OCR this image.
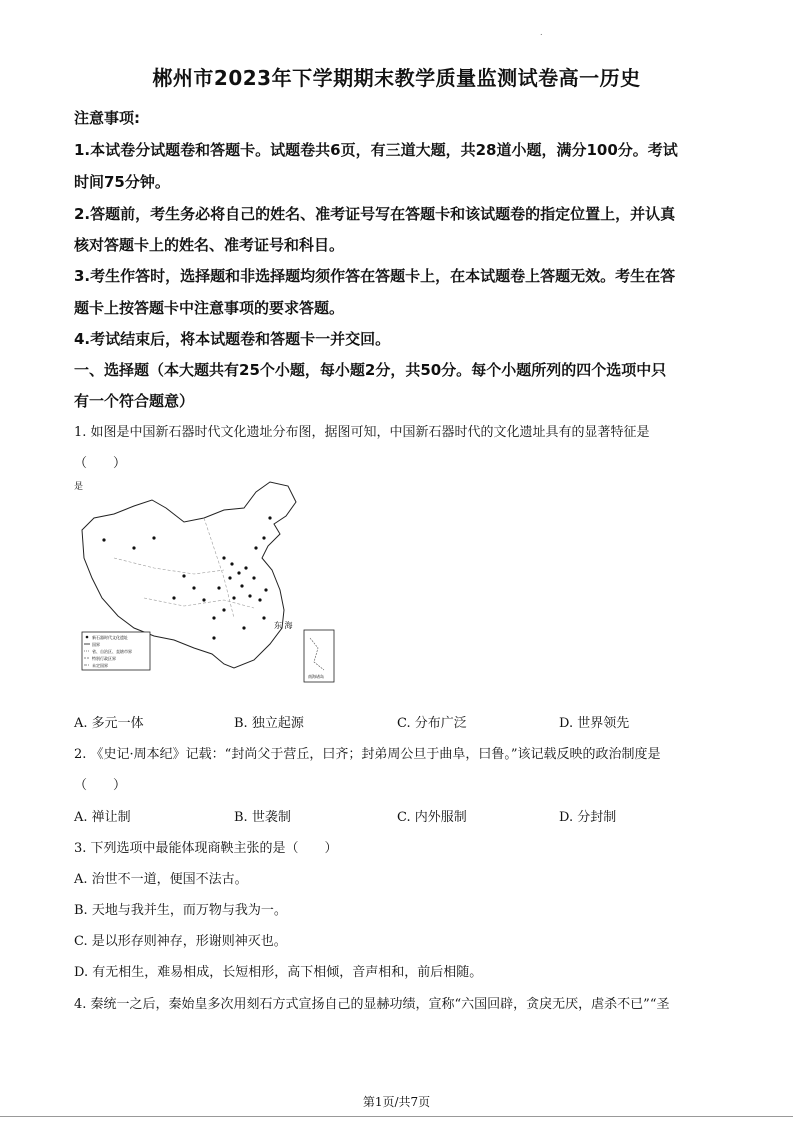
.
郴州市2023年下学期期末教学质量监测试卷高一历史
注意事项:
1.本试卷分试题卷和答题卡。试题卷共6页，有三道大题，共28道小题，满分100分。考试
时间75分钟。
2.答题前，考生务必将自己的姓名、准考证号写在答题卡和该试题卷的指定位置上，并认真
核对答题卡上的姓名、准考证号和科目。
3.考生作答时，选择题和非选择题均须作答在答题卡上，在本试题卷上答题无效。考生在答
题卡上按答题卡中注意事项的要求答题。
4.考试结束后，将本试题卷和答题卡一并交回。
一、选择题（本大题共有25个小题，每小题2分，共50分。每个小题所列的四个选项中只
有一个符合题意）
1. 如图是中国新石器时代文化遗址分布图，据图可知，中国新石器时代的文化遗址具有的显著特征是
（　　）
是
东 海
新石器时代文化遗址
国界
省、自治区、直辖市界
特别行政区界
未定国界
南海诸岛
A. 多元一体	B. 独立起源	C. 分布广泛	D. 世界领先
2. 《史记·周本纪》记载：“封尚父于营丘，曰齐；封弟周公旦于曲阜，曰鲁。”该记载反映的政治制度是
（　　）
A. 禅让制	B. 世袭制	C. 内外服制	D. 分封制
3. 下列选项中最能体现商鞅主张的是（　　）
A. 治世不一道，便国不法古。
B. 天地与我并生，而万物与我为一。
C. 是以形存则神存，形谢则神灭也。
D. 有无相生，难易相成，长短相形，高下相倾，音声相和，前后相随。
4. 秦统一之后，秦始皇多次用刻石方式宣扬自己的显赫功绩，宣称“六国回辟，贪戾无厌，虐杀不已”“圣
第1页/共7页
